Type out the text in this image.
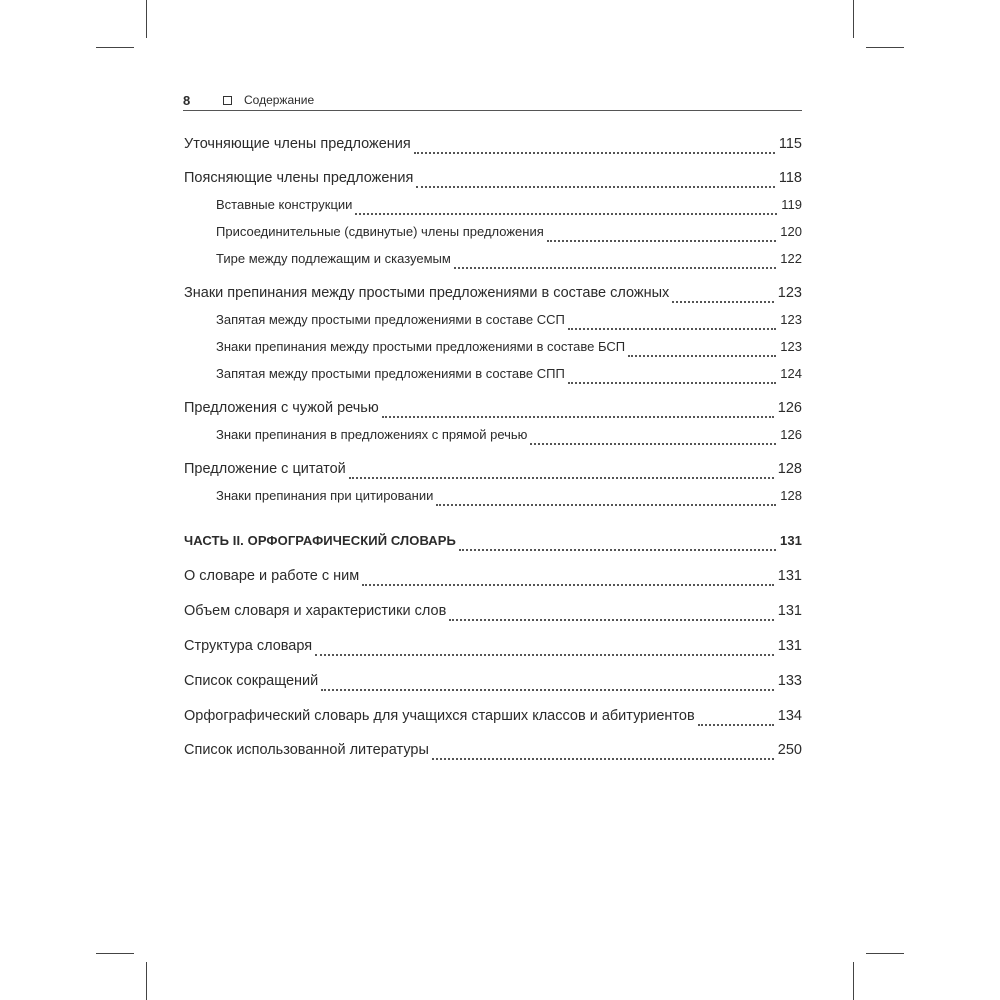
8	Содержание
Уточняющие члены предложения	115
Поясняющие члены предложения	118
Вставные конструкции	119
Присоединительные (сдвинутые) члены предложения	120
Тире между подлежащим и сказуемым	122
Знаки препинания между простыми предложениями в составе сложных	123
Запятая между простыми предложениями в составе ССП	123
Знаки препинания между простыми предложениями в составе БСП	123
Запятая между простыми предложениями в составе СПП	124
Предложения с чужой речью	126
Знаки препинания в предложениях с прямой речью	126
Предложение с цитатой	128
Знаки препинания при цитировании	128
ЧАСТЬ II. ОРФОГРАФИЧЕСКИЙ СЛОВАРЬ	131
О словаре и работе с ним	131
Объем словаря и характеристики слов	131
Структура словаря	131
Список сокращений	133
Орфографический словарь для учащихся старших классов и абитуриентов	134
Список использованной литературы	250
